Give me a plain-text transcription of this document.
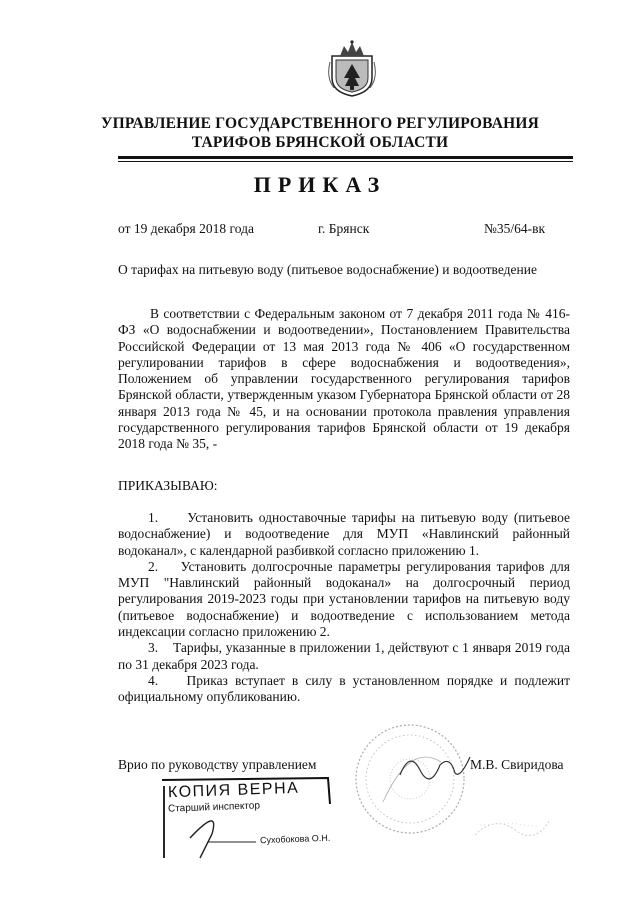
УПРАВЛЕНИЕ ГОСУДАРСТВЕННОГО РЕГУЛИРОВАНИЯ
ТАРИФОВ БРЯНСКОЙ ОБЛАСТИ
ПРИКАЗ
от 19 декабря 2018 года	г. Брянск	№35/64-вк
О тарифах на питьевую воду (питьевое водоснабжение) и водоотведение
В соответствии с Федеральным законом от 7 декабря 2011 года № 416-ФЗ «О водоснабжении и водоотведении», Постановлением Правительства Российской Федерации от 13 мая 2013 года № 406 «О государственном регулировании тарифов в сфере водоснабжения и водоотведения», Положением об управлении государственного регулирования тарифов Брянской области, утвержденным указом Губернатора Брянской области от 28 января 2013 года № 45, и на основании протокола правления управления государственного регулирования тарифов Брянской области от 19 декабря 2018 года № 35, -
ПРИКАЗЫВАЮ:

1.     Установить одноставочные тарифы на питьевую воду (питьевое водоснабжение) и водоотведение для МУП «Навлинский районный водоканал», с календарной разбивкой согласно приложению 1.

2.    Установить долгосрочные параметры регулирования тарифов для МУП "Навлинский районный водоканал» на долгосрочный период регулирования 2019-2023 годы при установлении тарифов на питьевую воду (питьевое водоснабжение) и водоотведение с использованием метода индексации согласно приложению 2.

3.    Тарифы, указанные в приложении 1, действуют с 1 января 2019 года по 31 декабря 2023 года.

4.    Приказ вступает в силу в установленном порядке и подлежит официальному опубликованию.

Врио по руководству управлением	М.В. Свиридова
КОПИЯ ВЕРНА
Старший инспектор
Сухобокова О.Н.
